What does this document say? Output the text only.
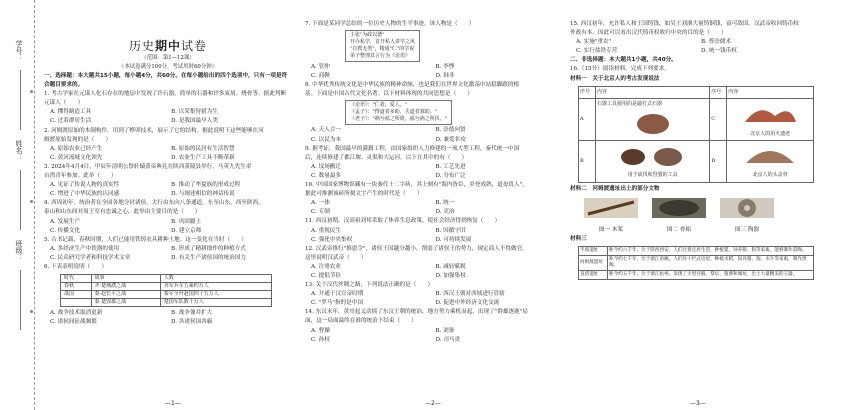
学号：
姓名：
班级：
历史期中试卷
（范围：第1—12课）
（本试卷满分100分，考试用时60分钟）
一、选择题：本大题共15小题，每小题4分，共60分。在每小题给出的四个选项中，只有一项是符合题目要求的。
1. 考古学家在元谋人化石存在的地层中发现了许石器，简单的石器和许多炭屑、烧骨等。据此判断
元谋人（　　）
A. 懂得制造工具	B. 以采集狩猎为生
C. 过着群居生活	D. 是我国最早人类
2. 河姆渡原始的木制构件，用到了榫卯技术，展示了它的结构。据此说明下这些能够在河
姆渡原始发现的是（　　）
A. 原始农业已经产生	B. 原始的民居有生活智慧
C. 黄河流域文化领先	D. 农业生产工具不断革新
3. 2024年4月4日，甲辰年清明公祭轩辕黄帝典礼在陕西黄陵县举行。马英九先生率
台湾青年参加。此举（　　）
A. 见证了传说人物的真实性	B. 推动了华夏族的形成过程
C. 增进了中华民族的认同感	D. 与阐述相信的神话传说
4. 西周初年，统治者在全国各地分封诸侯，大行由东向八条通道。东至山东，西至陕西，
泰山和山东间对周王室有忠诚之心，此举由主要目的是（　　）
A. 发展生产	B. 巩固疆土
C. 传播文化	D. 建立京师
5. 古书记载，春秋时期，人们已能用铁铸农具耕种土地。这一变化在当时（　　）
A. 多经济生产中铁器的使用	B. 形成了精耕细作的种植方式
C. 民众研究学者和科技学术文章	D. 有关生产诸侯国的统治国力
6. 下表表明说明（　　）
时代	战事	人数
春秋	齐·楚城濮之战	齐军兵车五乘约万人
战国	秦·赵长平之战	秦军全歼赵国四十五万人
	秦·楚郢都之战	楚国军队数十万人
A. 战争技术取消更新	B. 战争兼并扩大
C. 诸侯间征战频繁	D. 各诸侯国各霸
7. 下面是某同学总结的一位历史人物的生平事迹。该人物是（　　）
主张"为政以德"
开办私学，首开私人讲学之风
"有教无类"，精通"仁"的学说
弟子整理其言行为《论语》
A. 管仲	B. 李悝
C. 商鞅	D. 韩非
8. 中华优秀传统文化是中华民族的精神命脉，也是我们在世界文化激荡中站稳脚跟的根
基。下面是中国古代文化名著。以下材料体现的共同思想是（　　）
《论语》："仁者，爱人。"
《孟子》："得道者多助，失道者寡助。"
《老子》："祸兮福之所倚，福兮祸之所伏。"
A. 天人合一	B. 崇德向贤
C. 以民为本	D. 兼爱非攻
9. 据考证，我国最早的灌溉工程，由国家组织人力修建的一项大型工程，秦代统一中国
后，连续修建了都江堰、灵渠和大运河。以下在其中的有（　　）
A. 坟场搬迁	B. 工艺先进
C. 数量最多	D. 分布广泛
10. 中国国家博物馆藏有一块秦代十二字砖，其上刻有"海内皆臣，岁登成熟，道毋饥人"。
据此可推测该砖所刻文字产生的时代是（　　）
A. 一体	B. 统一
C. 专制	D. 吏治
11. 西汉初期，汉高祖刘邦采取了休养生息政策，使社会经济得到恢复（　　）
A. 重视民生	B. 因循守旧
C. 强化中央集权	D. 可持续发展
12. 汉武帝推行"推恩令"，诸侯王国越分越小，削弱了诸侯王的势力，规定商人不得做官。
这里说明汉武帝（　　）
A. 注重农业	B. 减轻赋税
C. 提倡节俭	D. 加强集权
13. 关于汉代丝绸之路，下列说法正确的是（　　）
A. 开通于汉宣帝时期	B. 西汉王朝对西域进行管辖
C. "罗马"指的是中国	D. 促进中外经济文化交流
14. 东汉末年，黄巾起义动摇了东汉王朝的统治，地方势力乘机而起，出现了"群雄逐鹿"局
面，这一局面最终在谁的统治下结束（　　）
A. 曹操	B. 刘备
C. 孙权	D. 司马炎
15. 西汉初年，允许私人和王国铸钱，如吴王刘濞大量铸铜钱，富可敌国。汉武帝收回铸币权
外政有本。因此可以看出汉代铸币权收归中央的目的是（　　）
A. 实施"重农"	B. 尊崇儒术
C. 实行盐铁专营	D. 统一钱币权
二、非选择题：本大题共1小题，共40分。
16.（15分）阅读材料，完成下列要求。
材料一　关于北京人的考古发现说法
序号	内容	序号	内容
A	石器工具使用的是敲打式石器	C	北京人的用火遗迹

B	用于砍伐和狩猎的工具	D	北京人的头盖骨
材料二　河姆渡遗址出土的部分文物
图一 木桨	图二 骨耜	图三 陶器
材料三
半坡遗址	距今约六千年，位于陕西西安。人们过着定居生活，种植粟，饲养猪、狗等家畜。能够制作彩陶。
河姆渡遗址	距今约七千年，位于浙江余姚。人们住干栏式房屋，种植水稻，饲养猪、狗、水牛等家畜，制作黑陶。
良渚遗址	距今约五千年，位于浙江杭州。发现了大型宫殿、祭坛、墓葬和城址，出土大量精美的玉器。
—1—	—2—	—3—
